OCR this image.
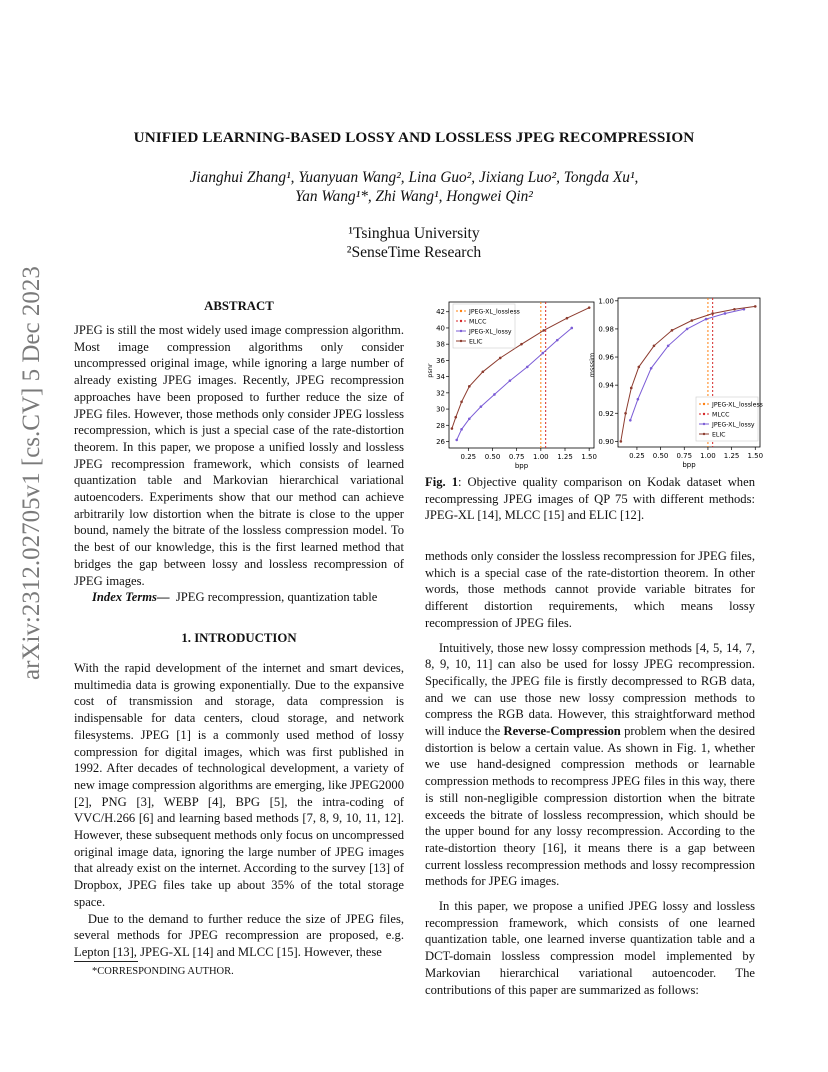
arXiv:2312.02705v1 [cs.CV] 5 Dec 2023
UNIFIED LEARNING-BASED LOSSY AND LOSSLESS JPEG RECOMPRESSION
Jianghui Zhang¹, Yuanyuan Wang², Lina Guo², Jixiang Luo², Tongda Xu¹,
Yan Wang¹*, Zhi Wang¹, Hongwei Qin²
¹Tsinghua University
²SenseTime Research
ABSTRACT

JPEG is still the most widely used image compression algorithm. Most image compression algorithms only consider uncompressed original image, while ignoring a large number of already existing JPEG images. Recently, JPEG recompression approaches have been proposed to further reduce the size of JPEG files. However, those methods only consider JPEG lossless recompression, which is just a special case of the rate-distortion theorem. In this paper, we propose a unified lossly and lossless JPEG recompression framework, which consists of learned quantization table and Markovian hierarchical variational autoencoders. Experiments show that our method can achieve arbitrarily low distortion when the bitrate is close to the upper bound, namely the bitrate of the lossless compression model. To the best of our knowledge, this is the first learned method that bridges the gap between lossy and lossless recompression of JPEG images.

Index Terms— JPEG recompression, quantization table
1. INTRODUCTION

With the rapid development of the internet and smart devices, multimedia data is growing exponentially. Due to the expansive cost of transmission and storage, data compression is indispensable for data centers, cloud storage, and network filesystems. JPEG [1] is a commonly used method of lossy compression for digital images, which was first published in 1992. After decades of technological development, a variety of new image compression algorithms are emerging, like JPEG2000 [2], PNG [3], WEBP [4], BPG [5], the intra-coding of VVC/H.266 [6] and learning based methods [7, 8, 9, 10, 11, 12]. However, these subsequent methods only focus on uncompressed original image data, ignoring the large number of JPEG images that already exist on the internet. According to the survey [13] of Dropbox, JPEG files take up about 35% of the total storage space.

Due to the demand to further reduce the size of JPEG files, several methods for JPEG recompression are proposed, e.g. Lepton [13], JPEG-XL [14] and MLCC [15]. However, these

*CORRESPONDING AUTHOR.
0.25 0.50 0.75 1.00 1.25 1.50
26
28
30
32
34
36
38
40
42
bpp
psnr
JPEG-XL_lossless
MLCC
JPEG-XL_lossy
ELIC
0.25 0.50 0.75 1.00 1.25 1.50
0.90
0.92
0.94
0.96
0.98
1.00
bpp
msssim
JPEG-XL_lossless
MLCC
JPEG-XL_lossy
ELIC
Fig. 1: Objective quality comparison on Kodak dataset when recompressing JPEG images of QP 75 with different methods: JPEG-XL [14], MLCC [15] and ELIC [12].

methods only consider the lossless recompression for JPEG files, which is a special case of the rate-distortion theorem. In other words, those methods cannot provide variable bitrates for different distortion requirements, which means lossy recompression of JPEG files.

Intuitively, those new lossy compression methods [4, 5, 14, 7, 8, 9, 10, 11] can also be used for lossy JPEG recompression. Specifically, the JPEG file is firstly decompressed to RGB data, and we can use those new lossy compression methods to compress the RGB data. However, this straightforward method will induce the Reverse-Compression problem when the desired distortion is below a certain value. As shown in Fig. 1, whether we use hand-designed compression methods or learnable compression methods to recompress JPEG files in this way, there is still non-negligible compression distortion when the bitrate exceeds the bitrate of lossless recompression, which should be the upper bound for any lossy recompression. According to the rate-distortion theory [16], it means there is a gap between current lossless recompression methods and lossy recompression methods for JPEG images.

In this paper, we propose a unified JPEG lossy and lossless recompression framework, which consists of one learned quantization table, one learned inverse quantization table and a DCT-domain lossless compression model implemented by Markovian hierarchical variational autoencoder. The contributions of this paper are summarized as follows:
